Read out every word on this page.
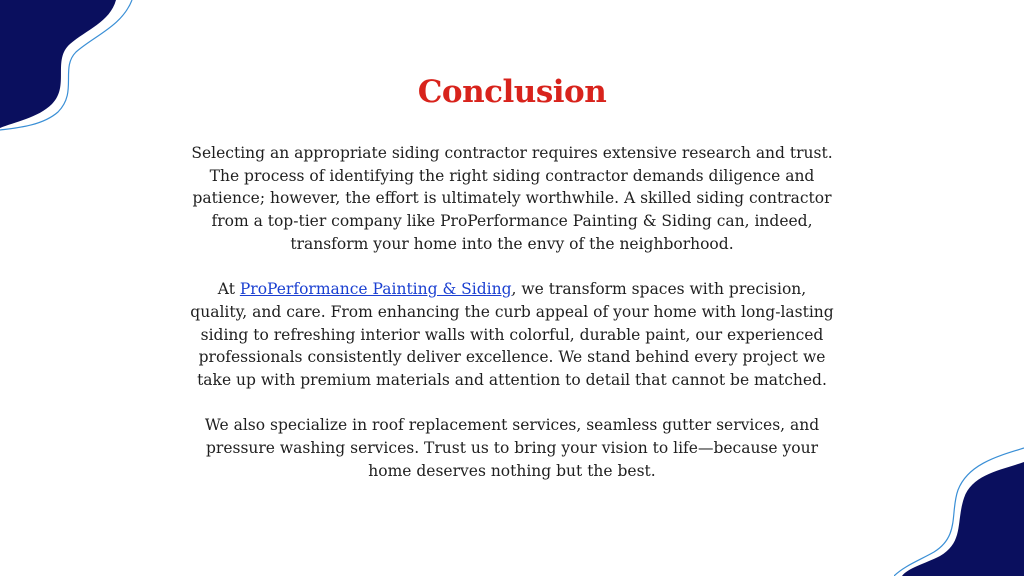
Conclusion

Selecting an appropriate siding contractor requires extensive research and trust. The process of identifying the right siding contractor demands diligence and patience; however, the effort is ultimately worthwhile. A skilled siding contractor from a top-tier company like ProPerformance Painting & Siding can, indeed, transform your home into the envy of the neighborhood.

At ProPerformance Painting & Siding, we transform spaces with precision, quality, and care. From enhancing the curb appeal of your home with long-lasting siding to refreshing interior walls with colorful, durable paint, our experienced professionals consistently deliver excellence. We stand behind every project we take up with premium materials and attention to detail that cannot be matched.

We also specialize in roof replacement services, seamless gutter services, and pressure washing services. Trust us to bring your vision to life—because your home deserves nothing but the best.
